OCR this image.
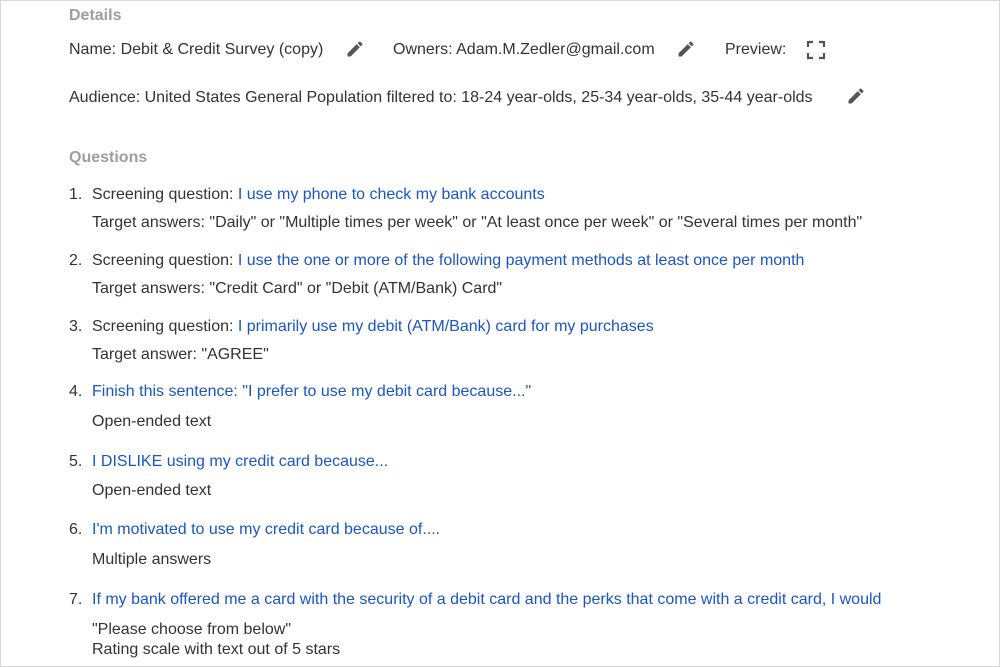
Details
Name: Debit & Credit Survey (copy)	Owners: Adam.M.Zedler@gmail.com	Preview:
Audience: United States General Population filtered to: 18-24 year-olds, 25-34 year-olds, 35-44 year-olds
Questions
1. Screening question: I use my phone to check my bank accounts
Target answers: "Daily" or "Multiple times per week" or "At least once per week" or "Several times per month"
2. Screening question: I use the one or more of the following payment methods at least once per month
Target answers: "Credit Card" or "Debit (ATM/Bank) Card"
3. Screening question: I primarily use my debit (ATM/Bank) card for my purchases
Target answer: "AGREE"
4. Finish this sentence: "I prefer to use my debit card because..."
Open-ended text
5. I DISLIKE using my credit card because...
Open-ended text
6. I'm motivated to use my credit card because of....
Multiple answers
7. If my bank offered me a card with the security of a debit card and the perks that come with a credit card, I would
"Please choose from below"
Rating scale with text out of 5 stars
